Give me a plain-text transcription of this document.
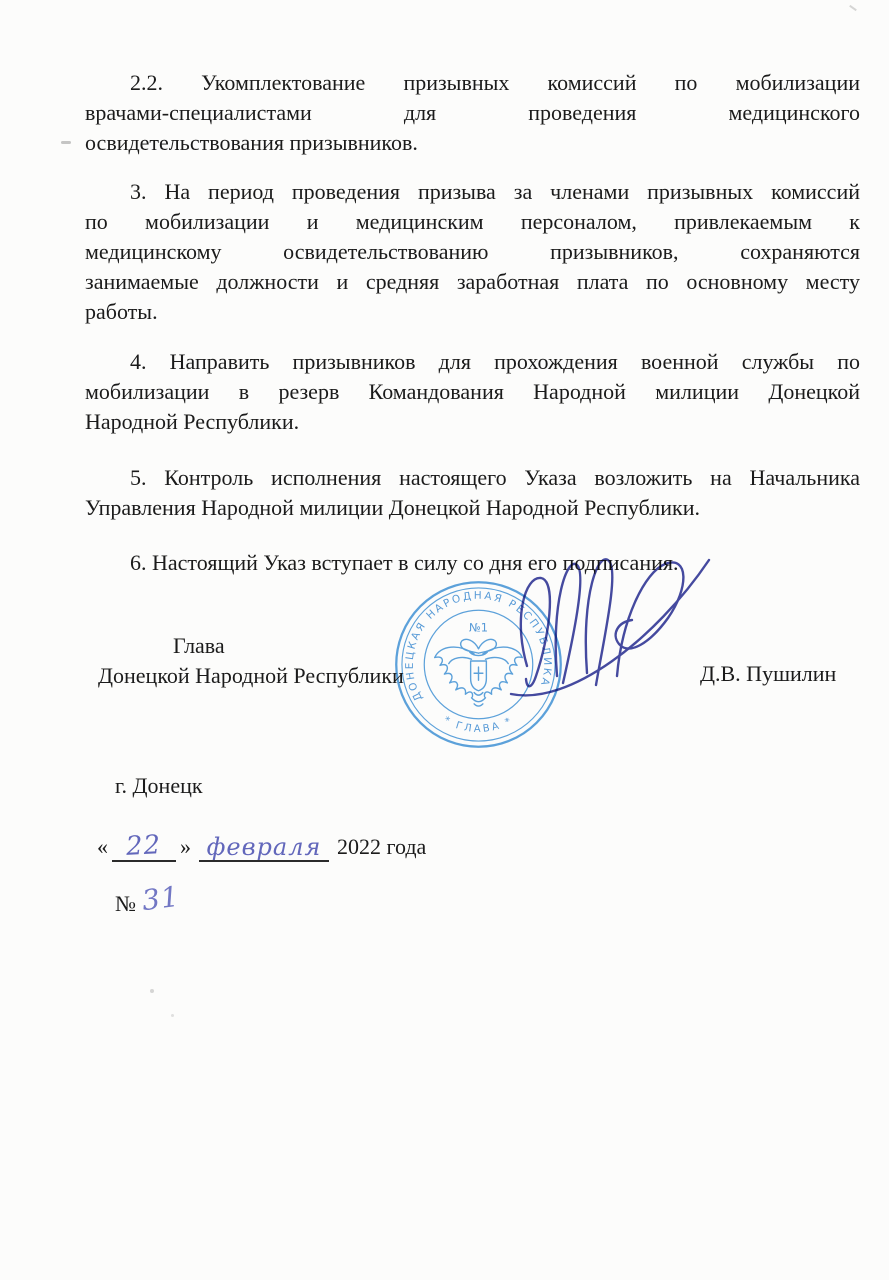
2.2. Укомплектование призывных комиссий по мобилизации
врачами-специалистами для проведения медицинского
освидетельствования призывников.
3. На период проведения призыва за членами призывных комиссий
по мобилизации и медицинским персоналом, привлекаемым к
медицинскому освидетельствованию призывников, сохраняются
занимаемые должности и средняя заработная плата по основному месту
работы.
4. Направить призывников для прохождения военной службы по
мобилизации в резерв Командования Народной милиции Донецкой
Народной Республики.
5. Контроль исполнения настоящего Указа возложить на Начальника
Управления Народной милиции Донецкой Народной Республики.
6. Настоящий Указ вступает в силу со дня его подписания.
Глава
Донецкой Народной Республики	Д.В. Пушилин
ДОНЕЦКАЯ НАРОДНАЯ РЕСПУБЛИКА
* ГЛАВА *
№1
г. Донецк
« 22 » февраля 2022 года
№ 31
